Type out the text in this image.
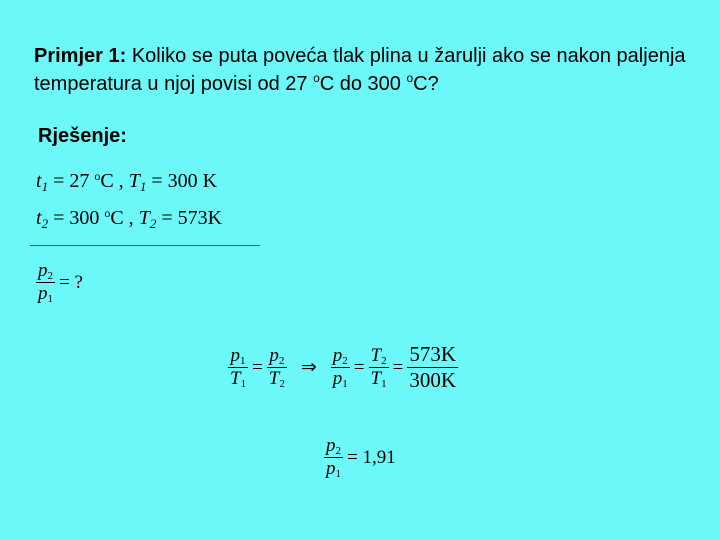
Primjer 1: Koliko se puta poveća tlak plina u žarulji ako se nakon paljenja temperatura u njoj povisi od 27 $^o$C do 300 $^o$C?
Rješenje:
$t_1 = 27$ $^o$C , $T_1 = 300$ K
$t_2 = 300$ $^o$C , $T_2 = 573K$
$\frac{p_2}{p_1}$ = ?
$\frac{p_1}{T_1} = \frac{p_2}{T_2}$ ⇒ $\frac{p_2}{p_1} = \frac{T_2}{T_1} = \frac{573K}{300K}$
$\frac{p_2}{p_1} = 1,91$
